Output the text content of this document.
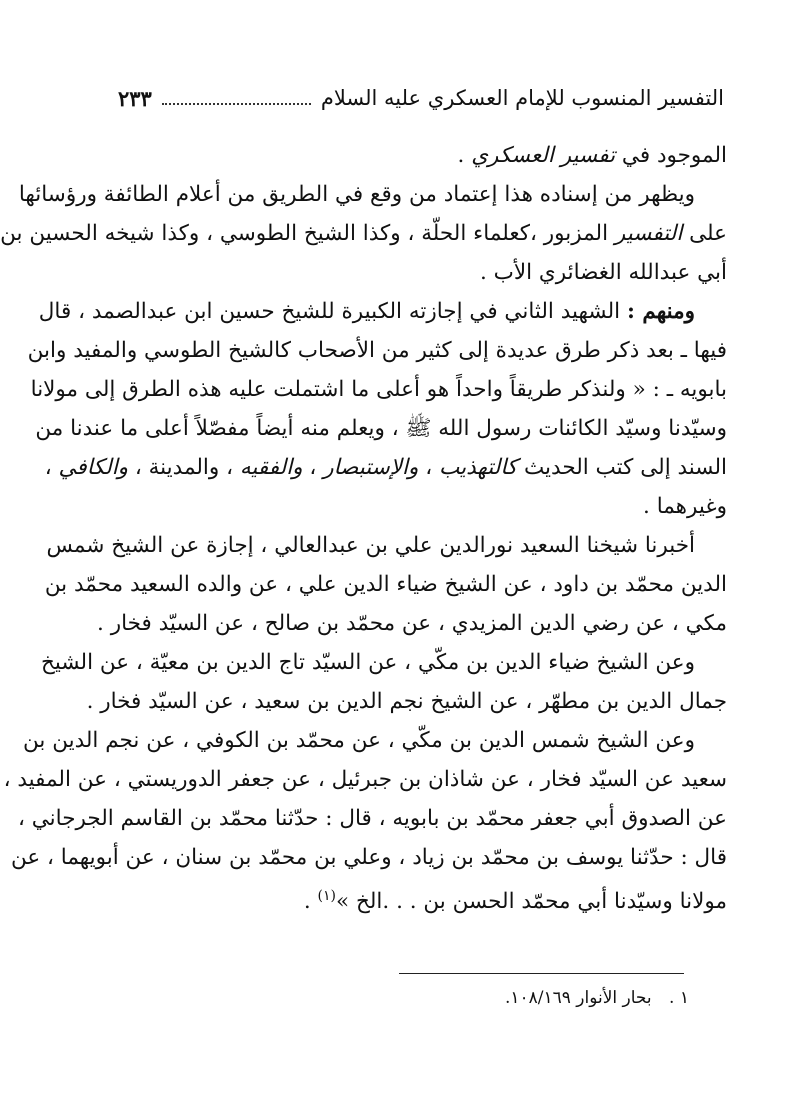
التفسير المنسوب للإمام العسكري عليه السلام
٢٣٣
الموجود في تفسير العسكري .
ويظهر من إسناده هذا إعتماد من وقع في الطريق من أعلام الطائفة ورؤسائها
على التفسير المزبور ،كعلماء الحلّة ، وكذا الشيخ الطوسي ، وكذا شيخه الحسين بن
أبي عبدالله الغضائري الأب .
ومنهم : الشهيد الثاني في إجازته الكبيرة للشيخ حسين ابن عبدالصمد ، قال
فيها ـ بعد ذكر طرق عديدة إلى كثير من الأصحاب كالشيخ الطوسي والمفيد وابن
بابويه ـ : « ولنذكر طريقاً واحداً هو أعلى ما اشتملت عليه هذه الطرق إلى مولانا
وسيّدنا وسيّد الكائنات رسول الله ﷺ ، ويعلم منه أيضاً مفصّلاً أعلى ما عندنا من
السند إلى كتب الحديث كالتهذيب ، والإستبصار ، والفقيه ، والمدينة ، والكافي ،
وغيرهما .
أخبرنا شيخنا السعيد نورالدين علي بن عبدالعالي ، إجازة عن الشيخ شمس
الدين محمّد بن داود ، عن الشيخ ضياء الدين علي ، عن والده السعيد محمّد بن
مكي ، عن رضي الدين المزيدي ، عن محمّد بن صالح ، عن السيّد فخار .
وعن الشيخ ضياء الدين بن مكّي ، عن السيّد تاج الدين بن معيّة ، عن الشيخ
جمال الدين بن مطهّر ، عن الشيخ نجم الدين بن سعيد ، عن السيّد فخار .
وعن الشيخ شمس الدين بن مكّي ، عن محمّد بن الكوفي ، عن نجم الدين بن
سعيد عن السيّد فخار ، عن شاذان بن جبرئيل ، عن جعفر الدوريستي ، عن المفيد ،
عن الصدوق أبي جعفر محمّد بن بابويه ، قال : حدّثنا محمّد بن القاسم الجرجاني ،
قال : حدّثنا يوسف بن محمّد بن زياد ، وعلي بن محمّد بن سنان ، عن أبويهما ، عن
مولانا وسيّدنا أبي محمّد الحسن بن . . .الخ »$^{(١)}$ .
١ . بحار الأنوار ١٠٨/١٦٩.
